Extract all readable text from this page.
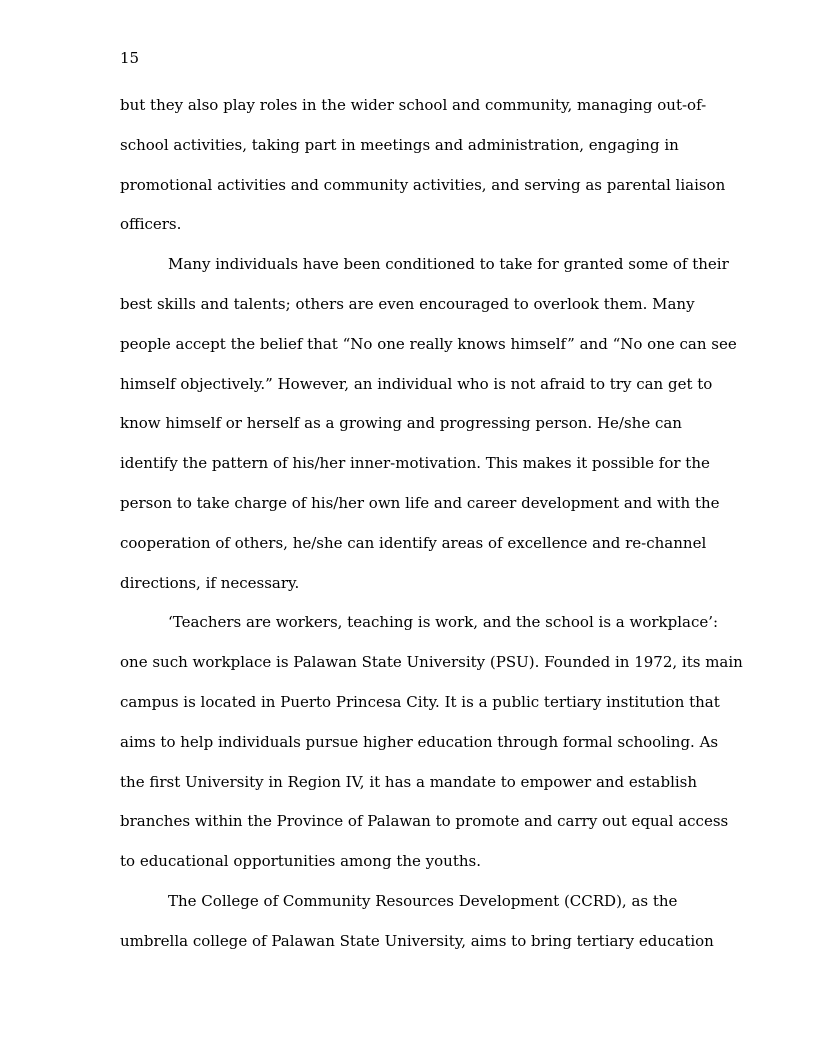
15

but they also play roles in the wider school and community, managing out-of-
school activities, taking part in meetings and administration, engaging in
promotional activities and community activities, and serving as parental liaison
officers.
Many individuals have been conditioned to take for granted some of their
best skills and talents; others are even encouraged to overlook them. Many
people accept the belief that “No one really knows himself” and “No one can see
himself objectively.” However, an individual who is not afraid to try can get to
know himself or herself as a growing and progressing person. He/she can
identify the pattern of his/her inner-motivation. This makes it possible for the
person to take charge of his/her own life and career development and with the
cooperation of others, he/she can identify areas of excellence and re-channel
directions, if necessary.
‘Teachers are workers, teaching is work, and the school is a workplace’:
one such workplace is Palawan State University (PSU). Founded in 1972, its main
campus is located in Puerto Princesa City. It is a public tertiary institution that
aims to help individuals pursue higher education through formal schooling. As
the first University in Region IV, it has a mandate to empower and establish
branches within the Province of Palawan to promote and carry out equal access
to educational opportunities among the youths.
The College of Community Resources Development (CCRD), as the
umbrella college of Palawan State University, aims to bring tertiary education
